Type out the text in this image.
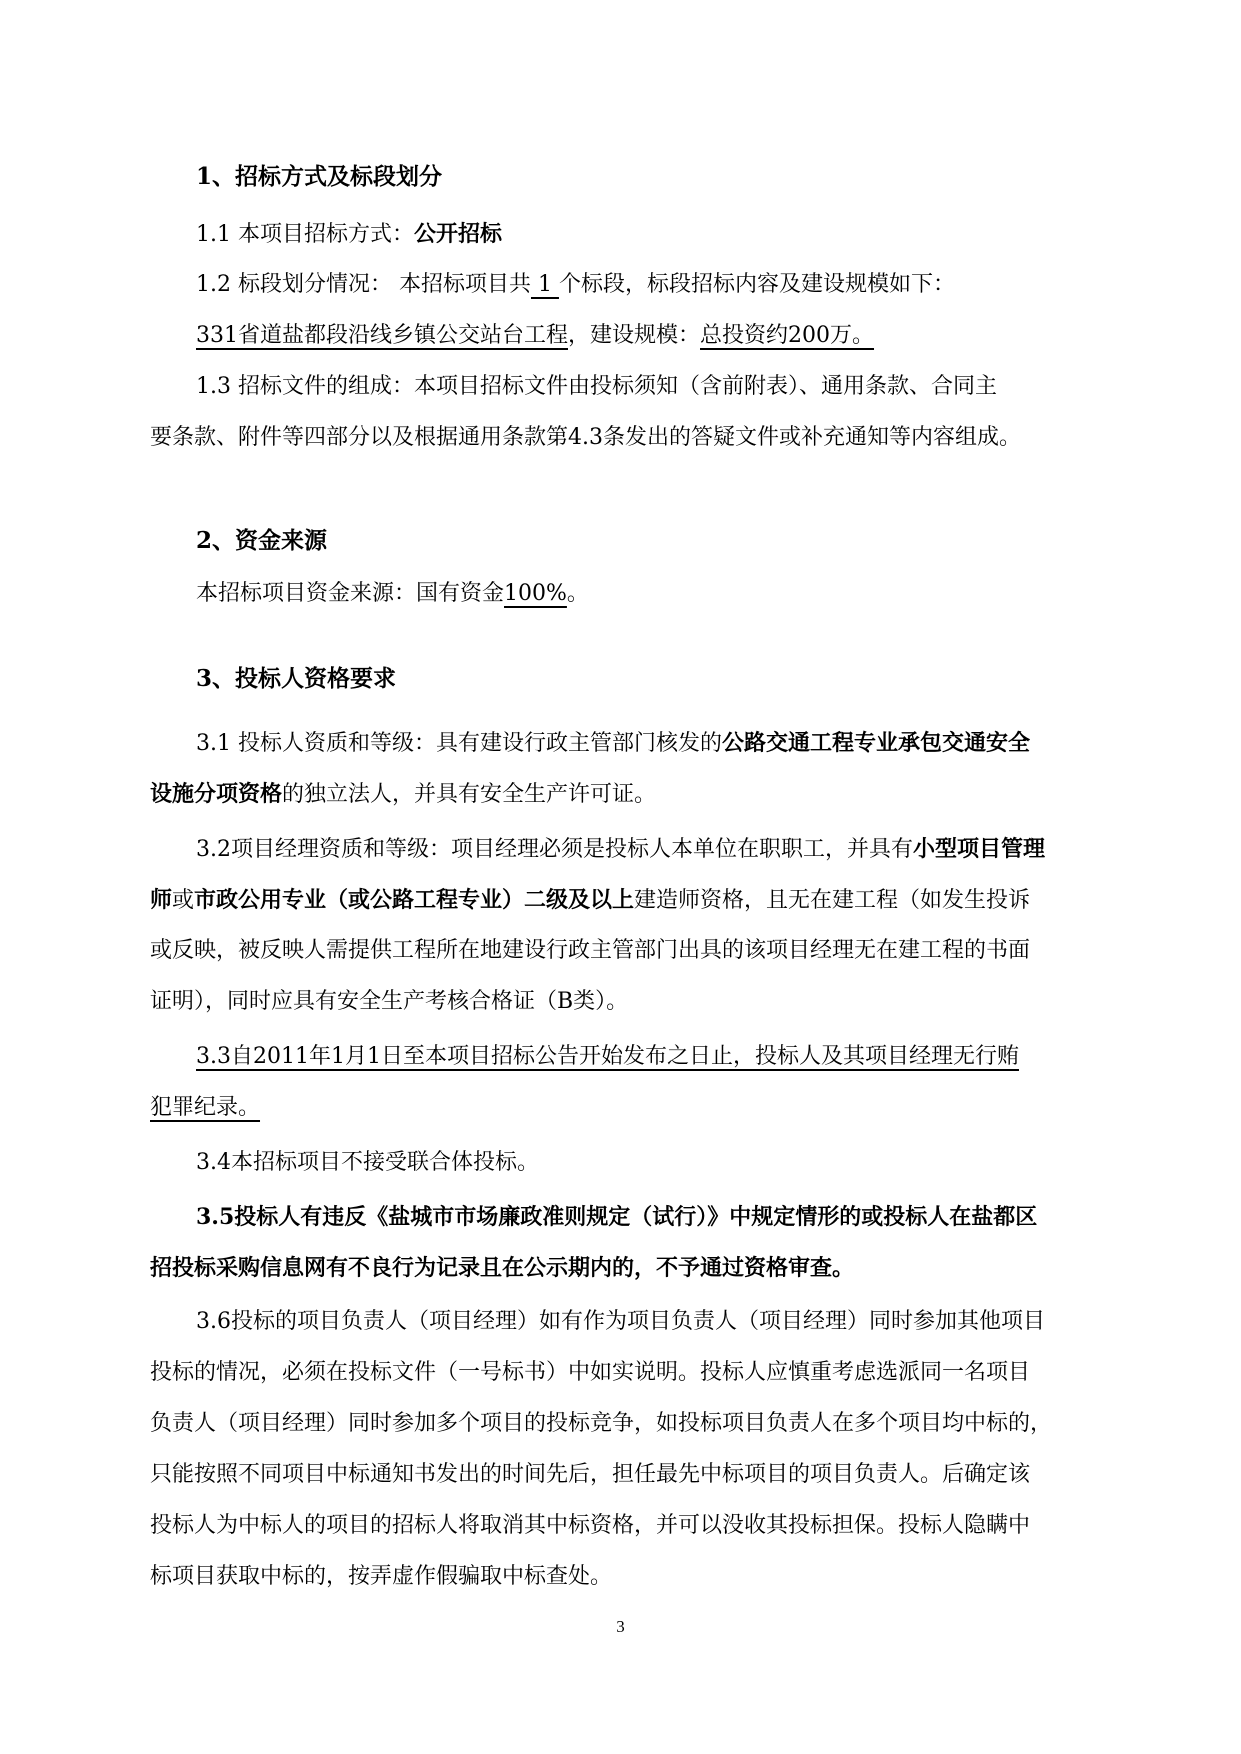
1、招标方式及标段划分

1.1 本项目招标方式：公开招标

1.2 标段划分情况： 本招标项目共 1 个标段，标段招标内容及建设规模如下：

331省道盐都段沿线乡镇公交站台工程，建设规模：总投资约200万。

1.3 招标文件的组成：本项目招标文件由投标须知（含前附表）、通用条款、合同主

要条款、附件等四部分以及根据通用条款第4.3条发出的答疑文件或补充通知等内容组成。

2、资金来源

本招标项目资金来源：国有资金100%。

3、投标人资格要求

3.1 投标人资质和等级：具有建设行政主管部门核发的公路交通工程专业承包交通安全

设施分项资格的独立法人，并具有安全生产许可证。

3.2项目经理资质和等级：项目经理必须是投标人本单位在职职工，并具有小型项目管理

师或市政公用专业（或公路工程专业）二级及以上建造师资格，且无在建工程（如发生投诉

或反映，被反映人需提供工程所在地建设行政主管部门出具的该项目经理无在建工程的书面

证明），同时应具有安全生产考核合格证（B类）。

3.3自2011年1月1日至本项目招标公告开始发布之日止，投标人及其项目经理无行贿

犯罪纪录。

3.4本招标项目不接受联合体投标。

3.5投标人有违反《盐城市市场廉政准则规定（试行）》中规定情形的或投标人在盐都区

招投标采购信息网有不良行为记录且在公示期内的，不予通过资格审查。

3.6投标的项目负责人（项目经理）如有作为项目负责人（项目经理）同时参加其他项目

投标的情况，必须在投标文件（一号标书）中如实说明。投标人应慎重考虑选派同一名项目

负责人（项目经理）同时参加多个项目的投标竞争，如投标项目负责人在多个项目均中标的，

只能按照不同项目中标通知书发出的时间先后，担任最先中标项目的项目负责人。后确定该

投标人为中标人的项目的招标人将取消其中标资格，并可以没收其投标担保。投标人隐瞒中

标项目获取中标的，按弄虚作假骗取中标查处。

3
